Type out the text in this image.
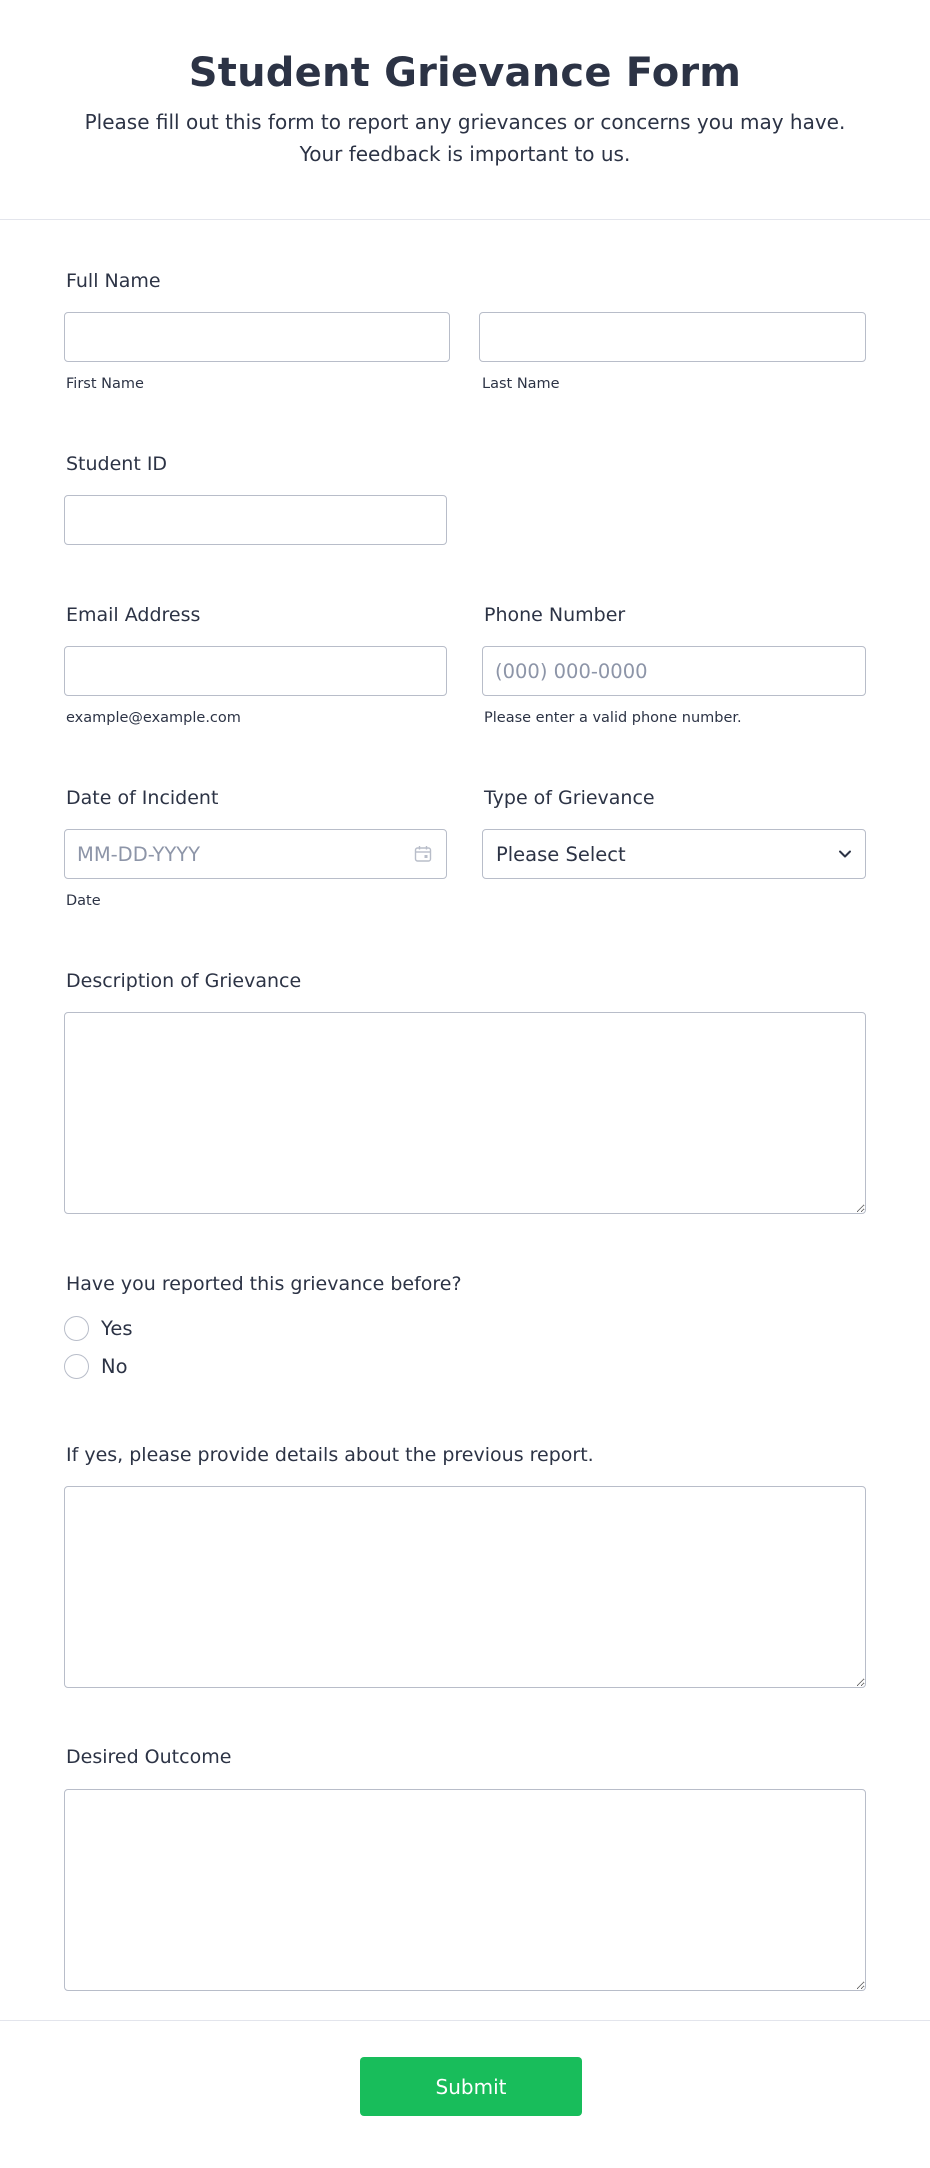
Student Grievance Form

Please fill out this form to report any grievances or concerns you may have. Your feedback is important to us.

Full Name
First Name	Last Name
Student ID
Email Address
example@example.com
Phone Number
(000) 000-0000
Please enter a valid phone number.
Date of Incident
MM-DD-YYYY
Date
Type of Grievance
Please Select
Description of Grievance
Have you reported this grievance before?
Yes
No
If yes, please provide details about the previous report.
Desired Outcome
Submit
